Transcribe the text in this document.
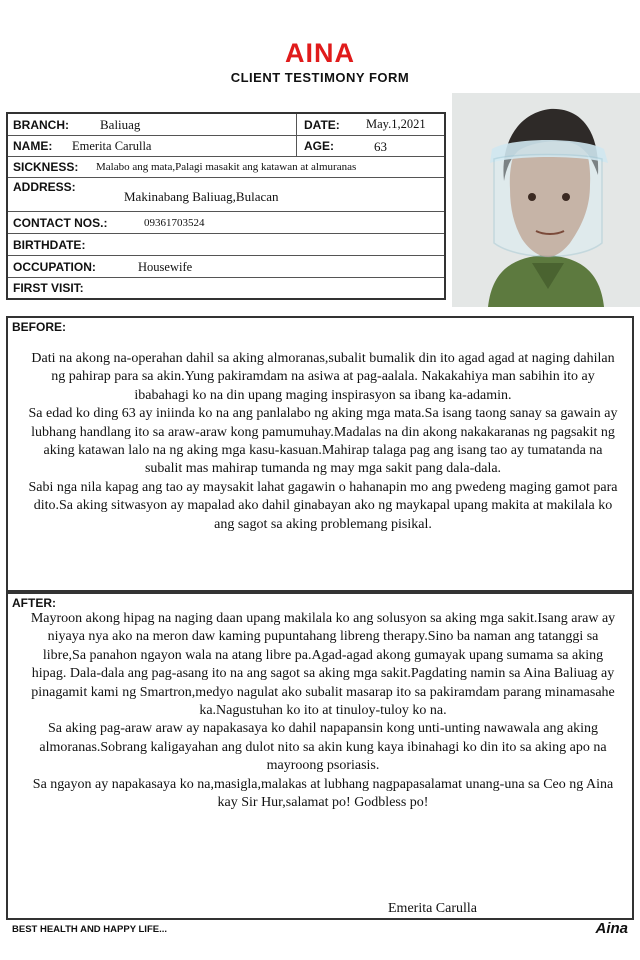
AINA
CLIENT TESTIMONY FORM
BRANCH: Baliuag	DATE: May.1,2021
NAME: Emerita Carulla	AGE:	63
SICKNESS: Malabo ang mata,Palagi masakit ang katawan at almuranas
ADDRESS:
Makinabang Baliuag,Bulacan
CONTACT NOS.:	09361703524
BIRTHDATE:
OCCUPATION:	Housewife
FIRST VISIT:
BEFORE:

Dati na akong na-operahan dahil sa aking almoranas,subalit bumalik din ito agad agad at naging dahilan ng pahirap para sa akin.Yung pakiramdam na asiwa at pag-aalala. Nakakahiya man sabihin ito ay ibabahagi ko na din upang maging inspirasyon sa ibang ka-adamin.

Sa edad ko ding 63 ay iniinda ko na ang panlalabo ng aking mga mata.Sa isang taong sanay sa gawain ay lubhang handlang ito sa araw-araw kong pamumuhay.Madalas na din akong nakakaranas ng pagsakit ng aking katawan lalo na ng aking mga kasu-kasuan.Mahirap talaga pag ang isang tao ay tumatanda na subalit mas mahirap tumanda ng may mga sakit pang dala-dala.

Sabi nga nila kapag ang tao ay maysakit lahat gagawin o hahanapin mo ang pwedeng maging gamot para dito.Sa aking sitwasyon ay mapalad ako dahil ginabayan ako ng maykapal upang makita at makilala ko ang sagot sa aking problemang pisikal.

AFTER:

Mayroon akong hipag na naging daan upang makilala ko ang solusyon sa aking mga sakit.Isang araw ay niyaya nya ako na meron daw kaming pupuntahang libreng therapy.Sino ba naman ang tatanggi sa libre,Sa panahon ngayon wala na atang libre pa.Agad-agad akong gumayak upang sumama sa aking hipag. Dala-dala ang pag-asang ito na ang sagot sa aking mga sakit.Pagdating namin sa Aina Baliuag ay pinagamit kami ng Smartron,medyo nagulat ako subalit masarap ito sa pakiramdam parang minamasahe ka.Nagustuhan ko ito at tinuloy-tuloy ko na.

Sa aking pag-araw araw ay napakasaya ko dahil napapansin kong unti-unting nawawala ang aking almoranas.Sobrang kaligayahan ang dulot nito sa akin kung kaya ibinahagi ko din ito sa aking apo na mayroong psoriasis.

Sa ngayon ay napakasaya ko na,masigla,malakas at lubhang nagpapasalamat unang-una sa Ceo ng Aina kay Sir Hur,salamat po! Godbless po!

Emerita Carulla
BEST HEALTH AND HAPPY LIFE...	Aina
